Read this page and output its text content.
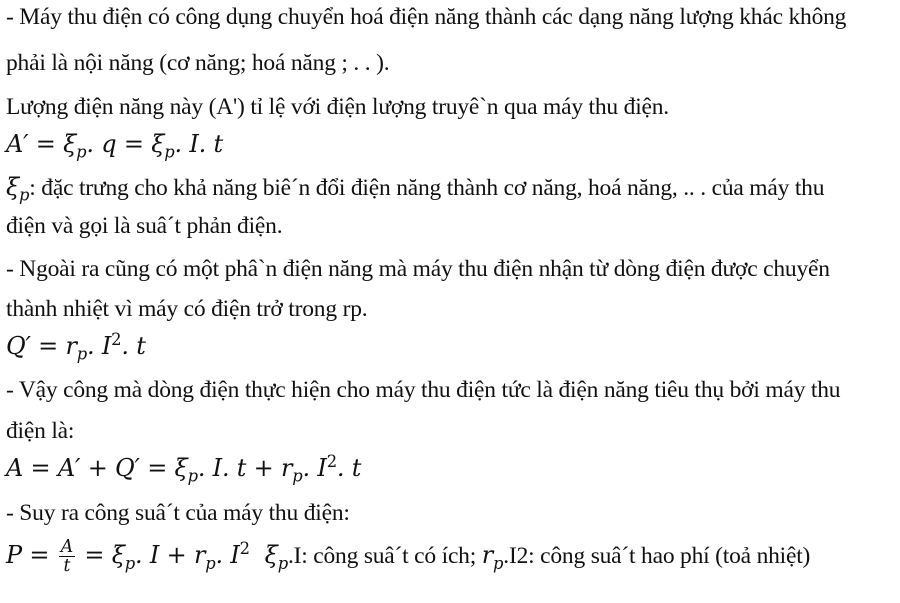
- Máy thu điện có công dụng chuyển hoá điện năng thành các dạng năng lượng khác không
phải là nội năng (cơ năng; hoá năng ; . . ).
Lượng điện năng này (A') tỉ lệ với điện lượng truyê`n qua máy thu điện.
$A' = \xi_p$. $q = \xi_p$. I. t
$\xi_p$: đặc trưng cho khả năng biê´n đổi điện năng thành cơ năng, hoá năng, .. . của máy thu
điện và gọi là suâ´t phản điện.
- Ngoài ra cũng có một phâ`n điện năng mà máy thu điện nhận từ dòng điện được chuyển
thành nhiệt vì máy có điện trở trong rp.
$Q' = r_p$. $I^2$. t
- Vậy công mà dòng điện thực hiện cho máy thu điện tức là điện năng tiêu thụ bởi máy thu
điện là:
$A = A' + Q' = \xi_p$. I. $t + r_p$. $I^2$. t
- Suy ra công suâ´t của máy thu điện:
$P = \frac{A}{t} = \xi_p$. $I + r_p$. $I^2$  $\xi_p.I$: công suâ´t có ích; $r_p.I2$: công suâ´t hao phí (toả nhiệt)
